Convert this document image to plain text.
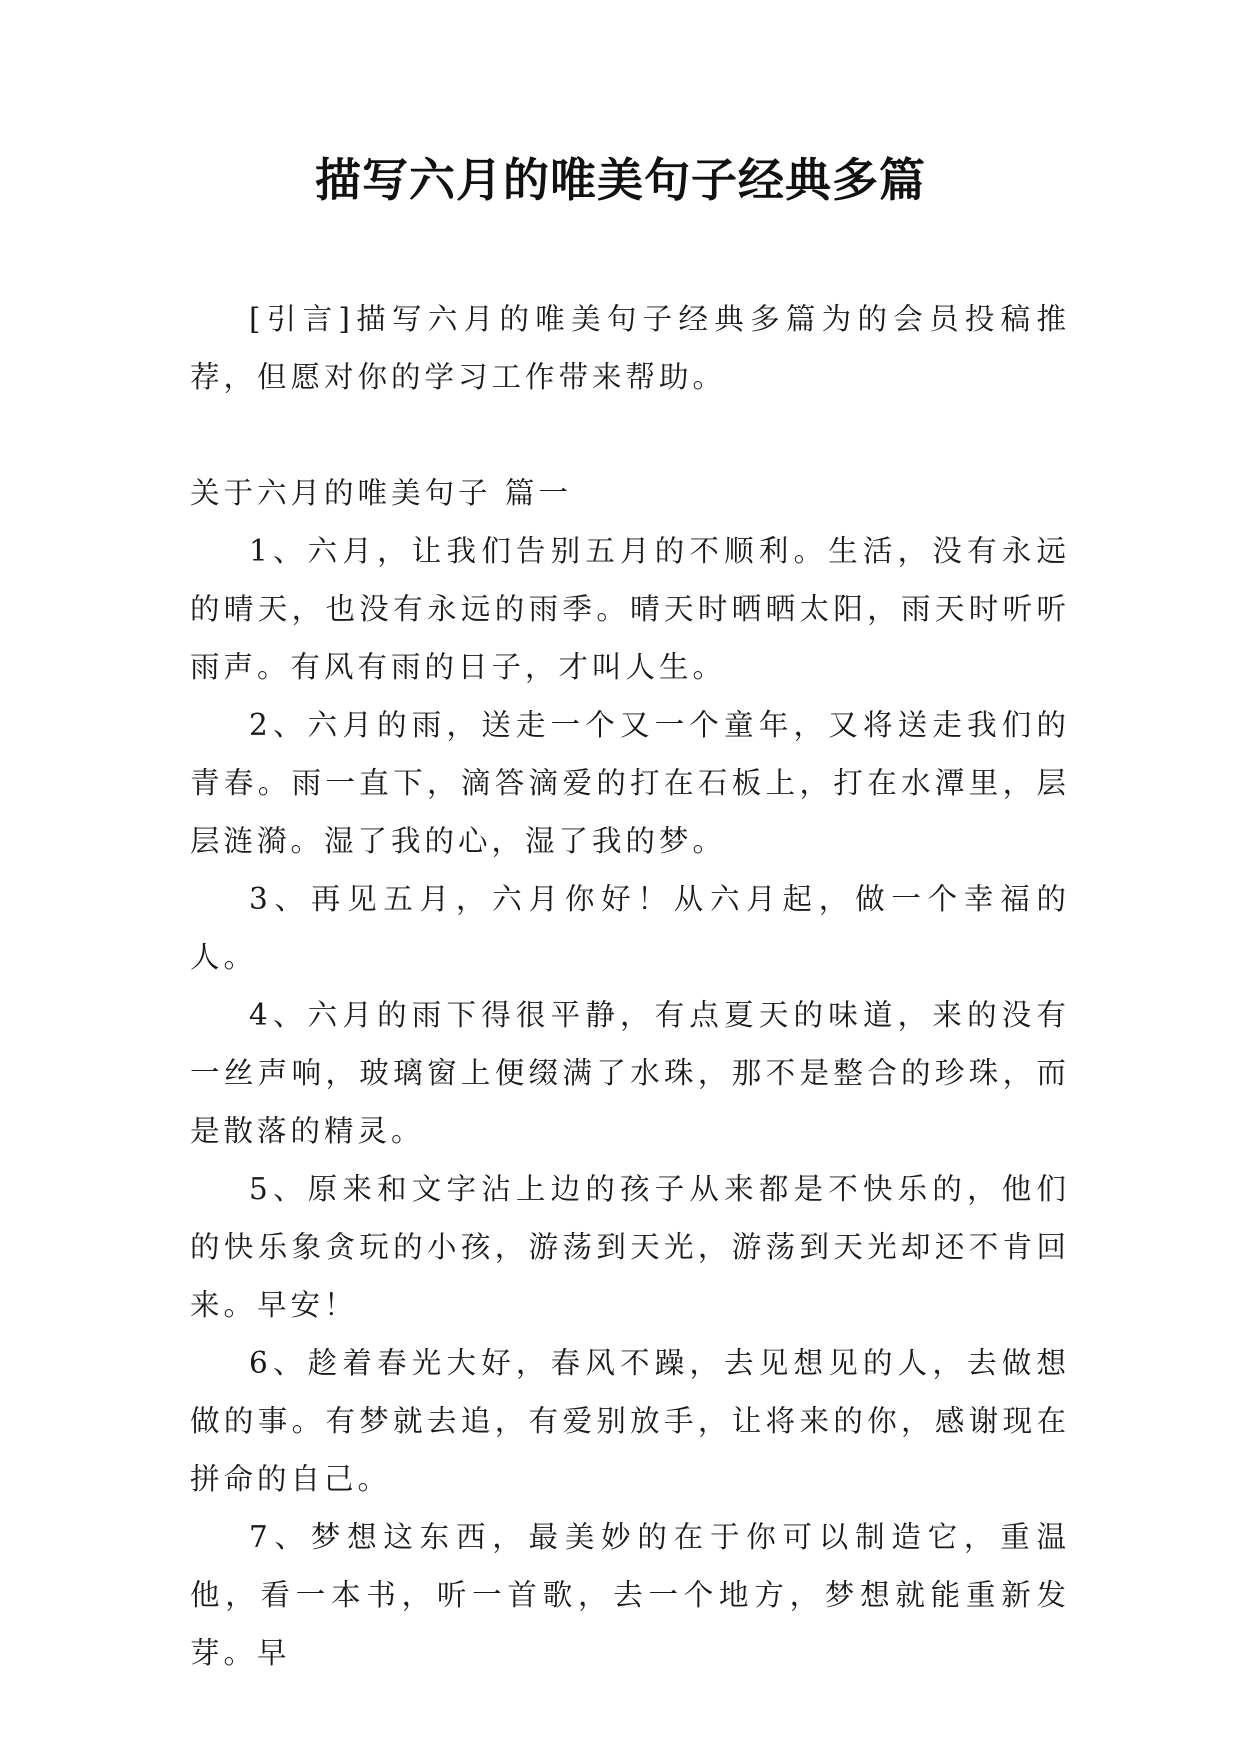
描写六月的唯美句子经典多篇

[引言]描写六月的唯美句子经典多篇为的会员投稿推荐，但愿对你的学习工作带来帮助。

关于六月的唯美句子 篇一

1、六月，让我们告别五月的不顺利。生活，没有永远的晴天，也没有永远的雨季。晴天时晒晒太阳，雨天时听听雨声。有风有雨的日子，才叫人生。

2、六月的雨，送走一个又一个童年，又将送走我们的青春。雨一直下，滴答滴爱的打在石板上，打在水潭里，层层涟漪。湿了我的心，湿了我的梦。

3、再见五月，六月你好！从六月起，做一个幸福的人。

4、六月的雨下得很平静，有点夏天的味道，来的没有一丝声响，玻璃窗上便缀满了水珠，那不是整合的珍珠，而是散落的精灵。

5、原来和文字沾上边的孩子从来都是不快乐的，他们的快乐象贪玩的小孩，游荡到天光，游荡到天光却还不肯回来。早安！

6、趁着春光大好，春风不躁，去见想见的人，去做想做的事。有梦就去追，有爱别放手，让将来的你，感谢现在拼命的自己。

7、梦想这东西，最美妙的在于你可以制造它，重温他，看一本书，听一首歌，去一个地方，梦想就能重新发芽。早
